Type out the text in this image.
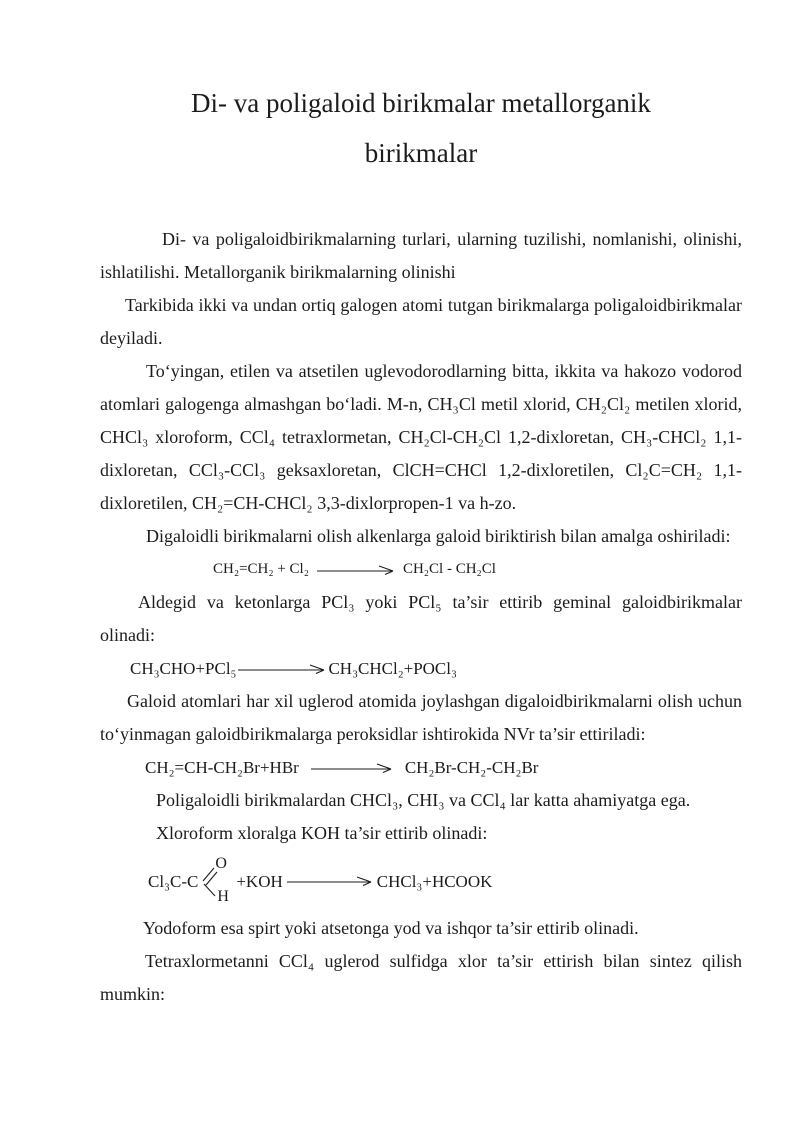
Di- va poligaloid birikmalar metallorganik
birikmalar

Di- va poligaloidbirikmalarning turlari, ularning tuzilishi, nomlanishi, olinishi, ishlatilishi. Metallorganik birikmalarning olinishi

Tarkibida ikki va undan ortiq galogen atomi tutgan birikmalarga poligaloidbirikmalar deyiladi.

To‘yingan, etilen va atsetilen uglevodorodlarning bitta, ikkita va hakozo vodorod atomlari galogenga almashgan bo‘ladi. M-n, CH₃Cl metil xlorid, CH₂Cl₂ metilen xlorid, CHCl₃ xloroform, CCl₄ tetraxlormetan, CH₂Cl-CH₂Cl 1,2-dixloretan, CH₃-CHCl₂ 1,1-dixloretan, CCl₃-CCl₃ geksaxloretan, ClCH=CHCl 1,2-dixloretilen, Cl₂C=CH₂ 1,1-dixloretilen, CH₂=CH-CHCl₂ 3,3-dixlorpropen-1 va h-zo.

Digaloidli birikmalarni olish alkenlarga galoid biriktirish bilan amalga oshiriladi:

CH₂=CH₂ + Cl₂	CH₂Cl - CH₂Cl

Aldegid va ketonlarga PCl₃ yoki PCl₅ ta’sir ettirib geminal galoidbirikmalar olinadi:

CH₃CHO+PCl₅	CH₃CHCl₂+POCl₃

Galoid atomlari har xil uglerod atomida joylashgan digaloidbirikmalarni olish uchun to‘yinmagan galoidbirikmalarga peroksidlar ishtirokida NVr ta’sir ettiriladi:

CH₂=CH-CH₂Br+HBr	CH₂Br-CH₂-CH₂Br

Poligaloidli birikmalardan CHCl₃, CHI₃ va CCl₄ lar katta ahamiyatga ega.

Xloroform xloralga KOH ta’sir ettirib olinadi:

Cl₃C-C

O

H

+KOH	CHCl₃+HCOOK

Yodoform esa spirt yoki atsetonga yod va ishqor ta’sir ettirib olinadi.

Tetraxlormetanni CCl₄ uglerod sulfidga xlor ta’sir ettirish bilan sintez qilish mumkin:
